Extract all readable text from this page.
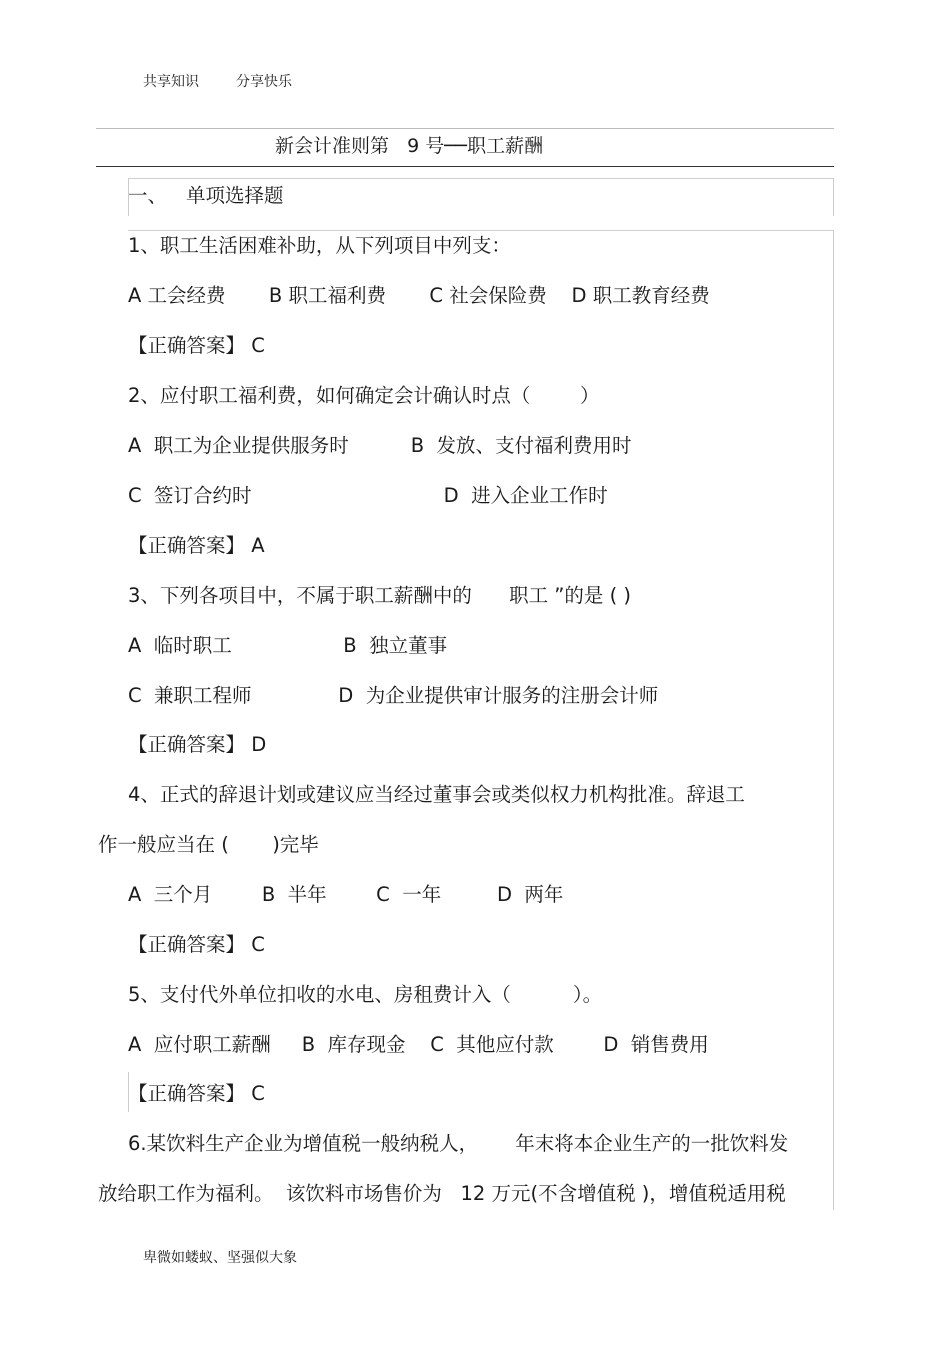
共享知识	分享快乐
新会计准则第   9 号──职工薪酬
一、 单项选择题
1、职工生活困难补助，从下列项目中列支：
A 工会经费       B 职工福利费       C 社会保险费    D 职工教育经费
【正确答案】 C
2、应付职工福利费，如何确定会计确认时点（        ）
A  职工为企业提供服务时          B  发放、支付福利费用时
C  签订合约时                               D  进入企业工作时
【正确答案】 A
3、下列各项目中，不属于职工薪酬中的      职工 ”的是 ( )
A  临时职工                  B  独立董事
C  兼职工程师              D  为企业提供审计服务的注册会计师
【正确答案】 D
4、正式的辞退计划或建议应当经过董事会或类似权力机构批准。辞退工
作一般应当在 (       )完毕
A  三个月        B  半年        C  一年         D  两年
【正确答案】 C
5、支付代外单位扣收的水电、房租费计入（          ）。
A  应付职工薪酬     B  库存现金    C  其他应付款        D  销售费用
【正确答案】 C
6.某饮料生产企业为增值税一般纳税人，      年末将本企业生产的一批饮料发
放给职工作为福利。  该饮料市场售价为   12 万元(不含增值税 )，增值税适用税
卑微如蝼蚁、坚强似大象
